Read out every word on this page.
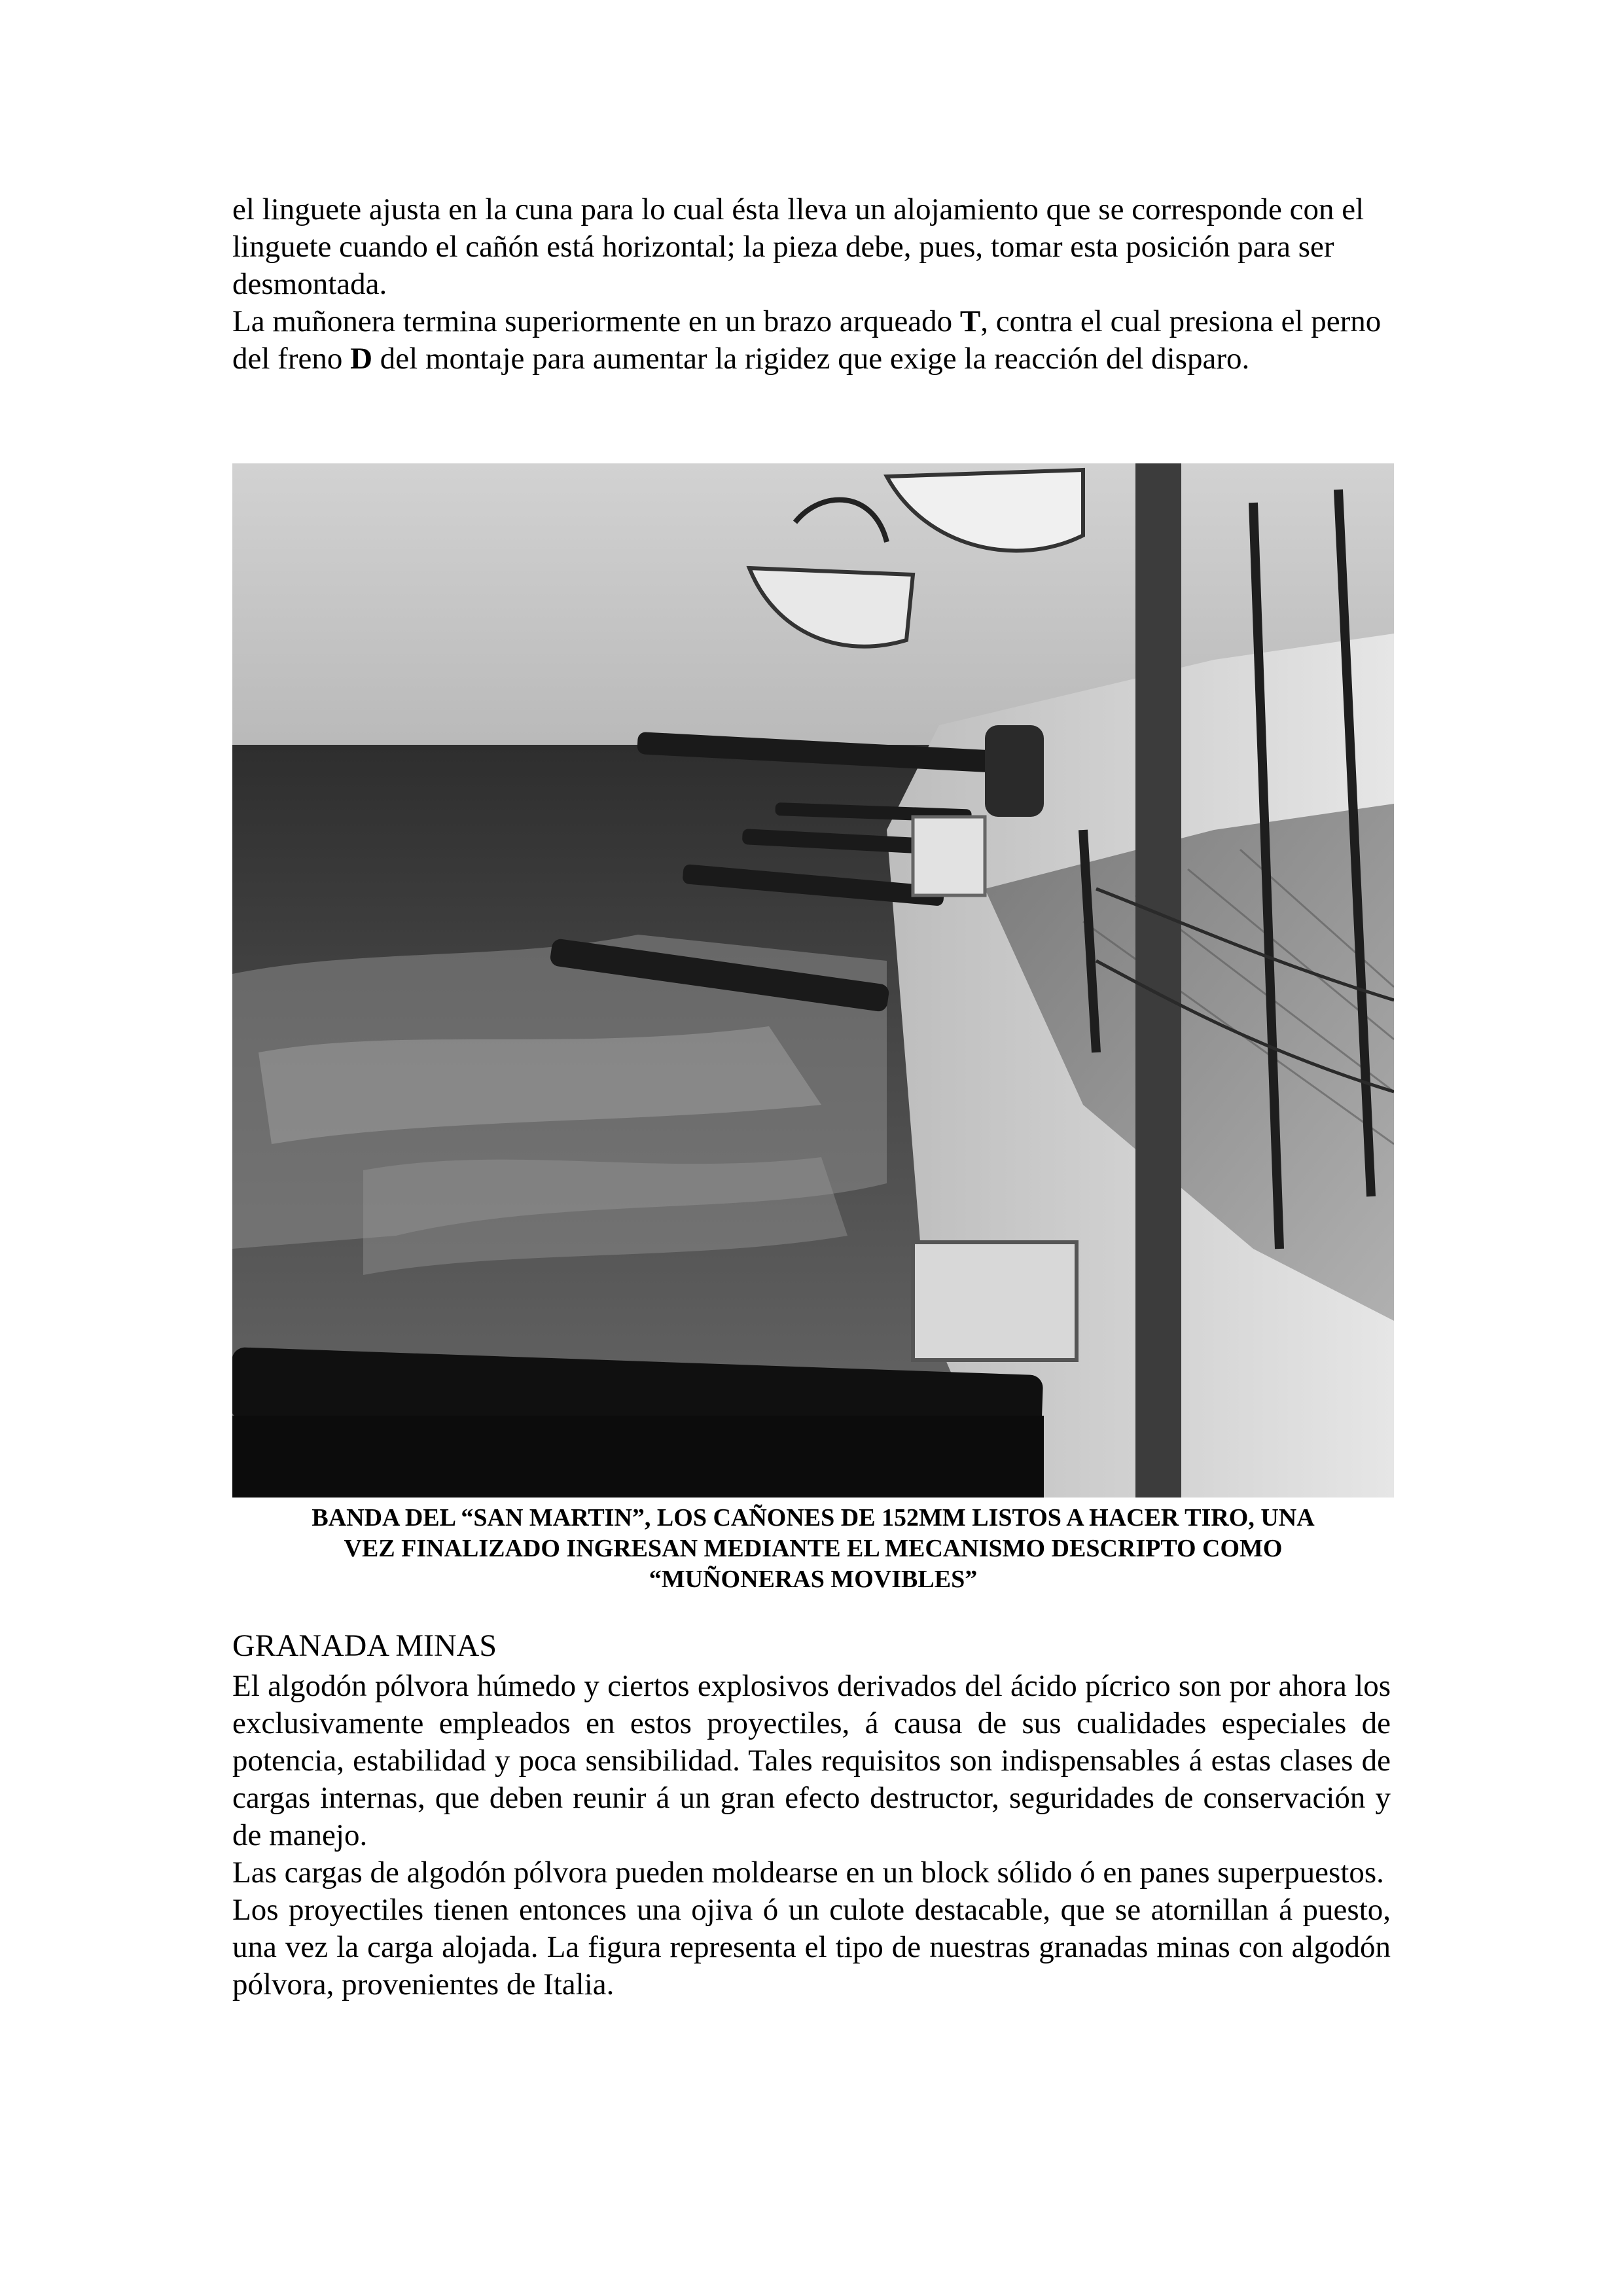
el linguete ajusta en la cuna para lo cual ésta lleva un alojamiento que se corresponde con el linguete cuando el cañón está horizontal; la pieza debe, pues, tomar esta posición para ser desmontada.

La muñonera termina superiormente en un brazo arqueado T, contra el cual presiona el perno del freno D del montaje para aumentar la rigidez que exige la reacción del disparo.

BANDA DEL “SAN MARTIN”, LOS CAÑONES DE 152MM LISTOS A HACER TIRO, UNA
VEZ FINALIZADO INGRESAN MEDIANTE EL MECANISMO DESCRIPTO COMO
“MUÑONERAS MOVIBLES”
GRANADA MINAS

El algodón pólvora húmedo y ciertos explosivos derivados del ácido pícrico son por ahora los exclusivamente empleados en estos proyectiles, á causa de sus cualidades especiales de potencia, estabilidad y poca sensibilidad. Tales requisitos son indispensables á estas clases de cargas internas, que deben reunir á un gran efecto destructor, seguridades de conservación y de manejo.

Las cargas de algodón pólvora pueden moldearse en un block sólido ó en panes superpuestos.

Los proyectiles tienen entonces una ojiva ó un culote destacable, que se atornillan á puesto, una vez la carga alojada. La figura representa el tipo de nuestras granadas minas con algodón pólvora, provenientes de Italia.
